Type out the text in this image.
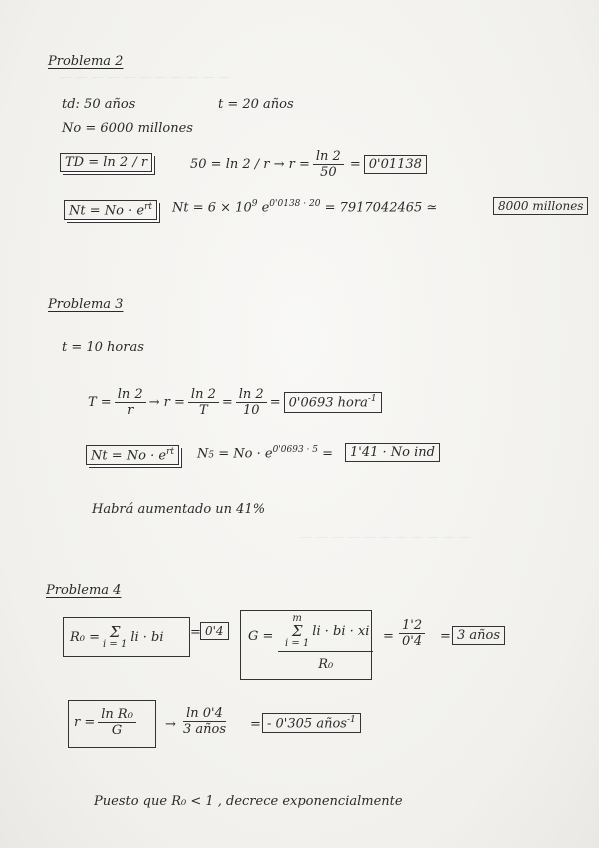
— — — — — — — — — — —
— — — — — — — — — — —
Problema 2
td: 50 años	t = 20 años
No = 6000 millones
TD = ln 2 / r	$50 = \ln 2 / r \to r = \frac{\ln 2}{50} = 0'01138$
$Nt = No \cdot e^{rt}$	$Nt = 6 \times 10^9$ $e^{0'0138 \cdot 20} = 7917042465$ ≃	8000 millones
Problema 3
t = 10 horas
$T = \frac{\ln 2}{r} \to r = \frac{\ln 2}{T} = \frac{\ln 2}{10} = 0'0693$ hora$^{-1}$
$Nt = No \cdot e^{rt}$	$N5 = No \cdot e^{0'0693 \cdot 5}$ =	1'41 · No ind
Habrá aumentado un 41%
Problema 4
R₀ = Σ
i = 1 li · bi = 0'4	G = m
Σ
i = 1
li · bi · xi
$R_0 = \frac{1'2}{0'4} = 3$ años
$r = \frac{\text{ln R₀}}{G} \to \frac{\ln 0'4}{\text{3 años}}$ = - 0'305 años$^{-1}$
Puesto que R₀ < 1 , decrece exponencialmente
